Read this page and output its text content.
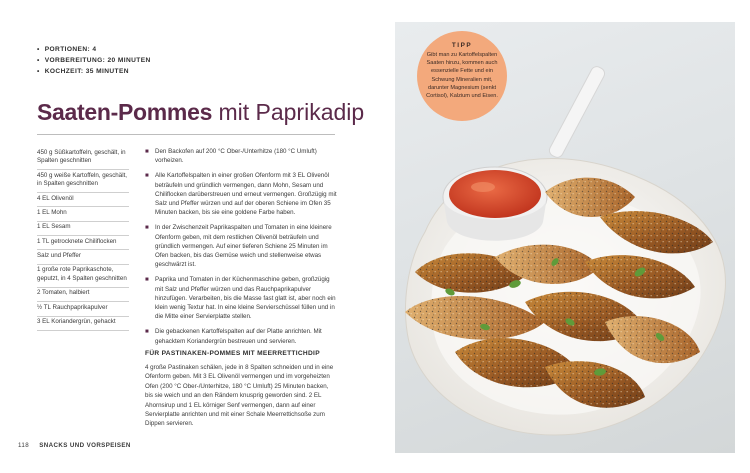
• PORTIONEN: 4
• VORBEREITUNG: 20 MINUTEN
• KOCHZEIT: 35 MINUTEN
Saaten-Pommes mit Paprikadip
450 g Süßkartoffeln, geschält, in Spalten geschnitten
450 g weiße Kartoffeln, geschält, in Spalten geschnitten
4 EL Olivenöl
1 EL Mohn
1 EL Sesam
1 TL getrocknete Chiliflocken
Salz und Pfeffer
1 große rote Paprikaschote, geputzt, in 4 Spalten geschnitten
2 Tomaten, halbiert
½ TL Rauchpaprikapulver
3 EL Koriandergrün, gehackt
■ Den Backofen auf 200 °C Ober-/Unterhitze (180 °C Umluft) vorheizen.
■ Alle Kartoffelspalten in einer großen Ofenform mit 3 EL Olivenöl beträufeln und gründlich vermengen, dann Mohn, Sesam und Chiliflocken darüberstreuen und erneut vermengen. Großzügig mit Salz und Pfeffer würzen und auf der oberen Schiene im Ofen 35 Minuten backen, bis sie eine goldene Farbe haben.
■ In der Zwischenzeit Paprikaspalten und Tomaten in eine kleinere Ofenform geben, mit dem restlichen Olivenöl beträufeln und gründlich vermengen. Auf einer tieferen Schiene 25 Minuten im Ofen backen, bis das Gemüse weich und stellenweise etwas geschwärzt ist.
■ Paprika und Tomaten in der Küchenmaschine geben, großzügig mit Salz und Pfeffer würzen und das Rauchpaprikapulver hinzufügen. Verarbeiten, bis die Masse fast glatt ist, aber noch ein klein wenig Textur hat. In eine kleine Servierschüssel füllen und in die Mitte einer Servierplatte stellen.
■ Die gebackenen Kartoffelspalten auf der Platte anrichten. Mit gehacktem Koriandergrün bestreuen und servieren.
FÜR PASTINAKEN-POMMES MIT MEERRETTICHDIP

4 große Pastinaken schälen, jede in 8 Spalten schneiden und in eine Ofenform geben. Mit 3 EL Olivenöl vermengen und im vorgeheizten Ofen (200 °C Ober-/Unterhitze, 180 °C Umluft) 25 Minuten backen, bis sie weich und an den Rändern knusprig geworden sind. 2 EL Ahornsirup und 1 EL körniger Senf vermengen, dann auf einer Servierplatte anrichten und mit einer Schale Meerrettichsoße zum Dippen servieren.

118 SNACKS UND VORSPEISEN
TIPP
Gibt man zu Kartoffelspalten Saaten hinzu, kommen auch essenzielle Fette und ein Schwung Mineralien mit, darunter Magnesium (senkt Cortisol), Kalzium und Eisen.
